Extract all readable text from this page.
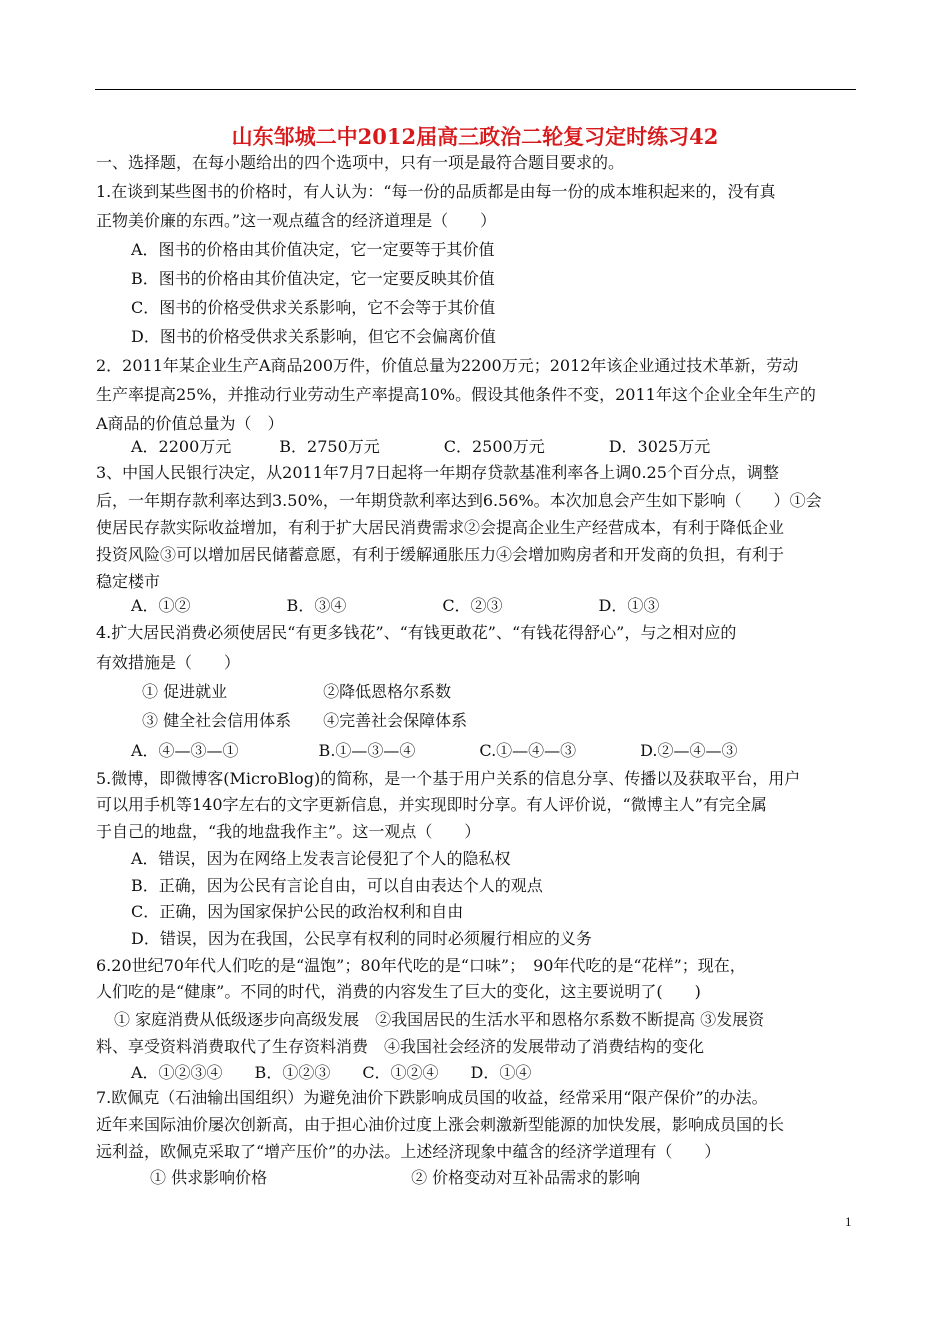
山东邹城二中2012届高三政治二轮复习定时练习42
一、选择题，在每小题给出的四个选项中，只有一项是最符合题目要求的。
1.在谈到某些图书的价格时，有人认为：“每一份的品质都是由每一份的成本堆积起来的，没有真
正物美价廉的东西。”这一观点蕴含的经济道理是（　　）
A．图书的价格由其价值决定，它一定要等于其价值
B．图书的价格由其价值决定，它一定要反映其价值
C．图书的价格受供求关系影响，它不会等于其价值
D．图书的价格受供求关系影响，但它不会偏离价值
2．2011年某企业生产A商品200万件，价值总量为2200万元；2012年该企业通过技术革新，劳动
生产率提高25%，并推动行业劳动生产率提高10%。假设其他条件不变，2011年这个企业全年生产的
A商品的价值总量为（　）
A．2200万元　　　B．2750万元　　　　C．2500万元　　　　D．3025万元
3、中国人民银行决定，从2011年7月7日起将一年期存贷款基准利率各上调0.25个百分点，调整
后，一年期存款利率达到3.50%，一年期贷款利率达到6.56%。本次加息会产生如下影响（　　）①会
使居民存款实际收益增加，有利于扩大居民消费需求②会提高企业生产经营成本，有利于降低企业
投资风险③可以增加居民储蓄意愿，有利于缓解通胀压力④会增加购房者和开发商的负担，有利于
稳定楼市
A．①②　　　　　　B．③④　　　　　　C．②③　　　　　　D．①③
4.扩大居民消费必须使居民“有更多钱花”、“有钱更敢花”、“有钱花得舒心”，与之相对应的
有效措施是（　　）
① 促进就业　　　　　　②降低恩格尔系数
③ 健全社会信用体系　　④完善社会保障体系
A．④—③—①　　　　　B.①—③—④　　　　C.①—④—③　　　　D.②—④—③
5.微博，即微博客(MicroBlog)的简称，是一个基于用户关系的信息分享、传播以及获取平台，用户
可以用手机等140字左右的文字更新信息，并实现即时分享。有人评价说，“微博主人”有完全属
于自己的地盘，“我的地盘我作主”。这一观点（　　）
A．错误，因为在网络上发表言论侵犯了个人的隐私权
B．正确，因为公民有言论自由，可以自由表达个人的观点
C．正确，因为国家保护公民的政治权利和自由
D．错误，因为在我国，公民享有权利的同时必须履行相应的义务
6.20世纪70年代人们吃的是“温饱”；80年代吃的是“口味”；　90年代吃的是“花样”；现在，
人们吃的是“健康”。不同的时代，消费的内容发生了巨大的变化，这主要说明了(　　)
① 家庭消费从低级逐步向高级发展　②我国居民的生活水平和恩格尔系数不断提高 ③发展资
料、享受资料消费取代了生存资料消费　④我国社会经济的发展带动了消费结构的变化
A．①②③④　　B．①②③　　C．①②④　　D．①④
7.欧佩克（石油输出国组织）为避免油价下跌影响成员国的收益，经常采用“限产保价”的办法。
近年来国际油价屡次创新高，由于担心油价过度上涨会刺激新型能源的加快发展，影响成员国的长
远利益，欧佩克采取了“增产压价”的办法。上述经济现象中蕴含的经济学道理有（　　）
① 供求影响价格　　　　　　　　　② 价格变动对互补品需求的影响
1
